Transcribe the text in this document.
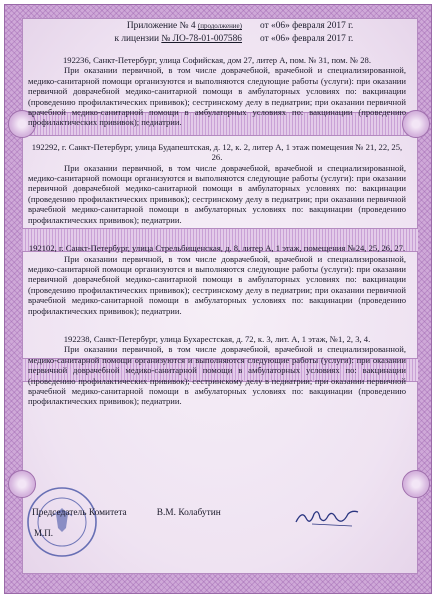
Приложение № 4 (продолжение)	от «06» февраля 2017 г.
к лицензии № ЛО-78-01-007586	от «06» февраля 2017 г.
192236, Санкт-Петербург, улица Софийская, дом 27, литер А, пом. № 31, пом. № 28.
При оказании первичной, в том числе доврачебной, врачебной и специализированной, медико-санитарной помощи организуются и выполняются следующие работы (услуги): при оказании первичной доврачебной медико-санитарной помощи в амбулаторных условиях по: вакцинации (проведению профилактических прививок); сестринскому делу в педиатрии; при оказании первичной врачебной медико-санитарной помощи в амбулаторных условиях по: вакцинации (проведению профилактических прививок); педиатрии.
192292, г. Санкт-Петербург, улица Будапештская, д. 12, к. 2, литер А, 1 этаж помещения № 21, 22, 25, 26.
При оказании первичной, в том числе доврачебной, врачебной и специализированной, медико-санитарной помощи организуются и выполняются следующие работы (услуги): при оказании первичной доврачебной медико-санитарной помощи в амбулаторных условиях по: вакцинации (проведению профилактических прививок); сестринскому делу в педиатрии; при оказании первичной врачебной медико-санитарной помощи в амбулаторных условиях по: вакцинации (проведению профилактических прививок); педиатрии.
192102, г. Санкт-Петербург, улица Стрельбищенская, д. 8, литер А, 1 этаж, помещения №24, 25, 26, 27.
При оказании первичной, в том числе доврачебной, врачебной и специализированной, медико-санитарной помощи организуются и выполняются следующие работы (услуги): при оказании первичной доврачебной медико-санитарной помощи в амбулаторных условиях по: вакцинации (проведению профилактических прививок); сестринскому делу в педиатрии; при оказании первичной врачебной медико-санитарной помощи в амбулаторных условиях по: вакцинации (проведению профилактических прививок); педиатрии.
192238, Санкт-Петербург, улица Бухарестская, д. 72, к. 3, лит. А, 1 этаж, №1, 2, 3, 4.
При оказании первичной, в том числе доврачебной, врачебной и специализированной, медико-санитарной помощи организуются и выполняются следующие работы (услуги): при оказании первичной доврачебной медико-санитарной помощи в амбулаторных условиях по: вакцинации (проведению профилактических прививок); сестринскому делу в педиатрии; при оказании первичной врачебной медико-санитарной помощи в амбулаторных условиях по: вакцинации (проведению профилактических прививок); педиатрии.
Председатель Комитета	В.М. Колабутин
М.П.
